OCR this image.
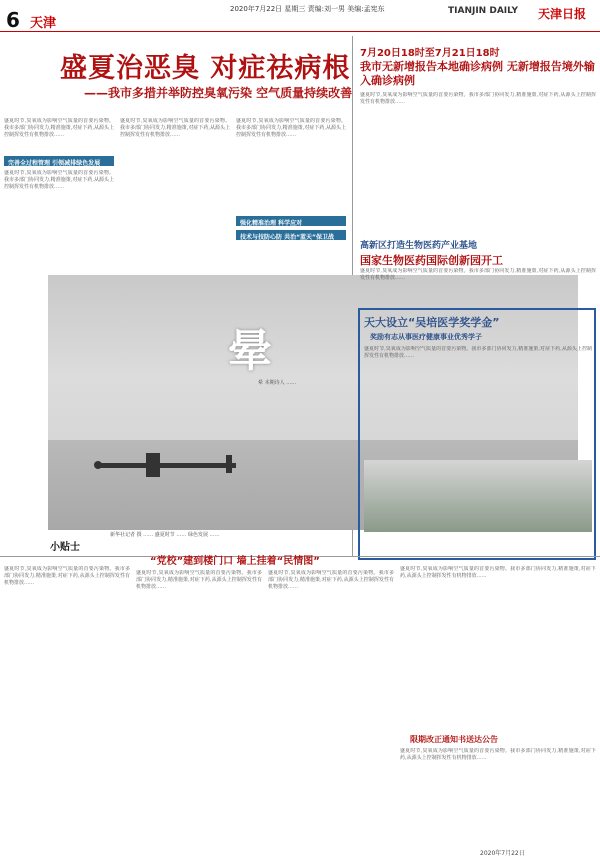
6 天津
2020年7月22日 星期三 责编:刘一男 美编:孟宪东	TIANJIN DAILY 天津日报
盛夏治恶臭 对症祛病根
——我市多措并举防控臭氧污染 空气质量持续改善
盛夏时节,臭氧成为影响空气质量的首要污染物。我市多部门协同发力,精准施策,对症下药,从源头上控制挥发性有机物排放……
完善全过程管理 引领减排绿色发展
盛夏时节,臭氧成为影响空气质量的首要污染物。我市多部门协同发力,精准施策,对症下药,从源头上控制挥发性有机物排放……
盛夏时节,臭氧成为影响空气质量的首要污染物。我市多部门协同发力,精准施策,对症下药,从源头上控制挥发性有机物排放……
强化精准治理 科学应对
盛夏时节,臭氧成为影响空气质量的首要污染物。我市多部门协同发力,精准施策,对症下药,从源头上控制挥发性有机物排放……
技术与技防心防 共治“蓝天”保卫战
晕
晕 本期诗人 ……
小贴士
新华社记者 摄 …… 盛夏时节 …… 绿色发展 ……
7月20日18时至7月21日18时
我市无新增报告本地确诊病例 无新增报告境外输入确诊病例
盛夏时节,臭氧成为影响空气质量的首要污染物。我市多部门协同发力,精准施策,对症下药,从源头上控制挥发性有机物排放……
高新区打造生物医药产业基地
国家生物医药国际创新园开工
盛夏时节,臭氧成为影响空气质量的首要污染物。我市多部门协同发力,精准施策,对症下药,从源头上控制挥发性有机物排放……
天大设立“吴培医学奖学金”
奖励有志从事医疗健康事业优秀学子
盛夏时节,臭氧成为影响空气质量的首要污染物。我市多部门协同发力,精准施策,对症下药,从源头上控制挥发性有机物排放……
“党校”建到楼门口 墙上挂着“民情图”
盛夏时节,臭氧成为影响空气质量的首要污染物。我市多部门协同发力,精准施策,对症下药,从源头上控制挥发性有机物排放……
盛夏时节,臭氧成为影响空气质量的首要污染物。我市多部门协同发力,精准施策,对症下药,从源头上控制挥发性有机物排放……
盛夏时节,臭氧成为影响空气质量的首要污染物。我市多部门协同发力,精准施策,对症下药,从源头上控制挥发性有机物排放……
盛夏时节,臭氧成为影响空气质量的首要污染物。我市多部门协同发力,精准施策,对症下药,从源头上控制挥发性有机物排放……
限期改正通知书送达公告
盛夏时节,臭氧成为影响空气质量的首要污染物。我市多部门协同发力,精准施策,对症下药,从源头上控制挥发性有机物排放……
2020年7月22日
